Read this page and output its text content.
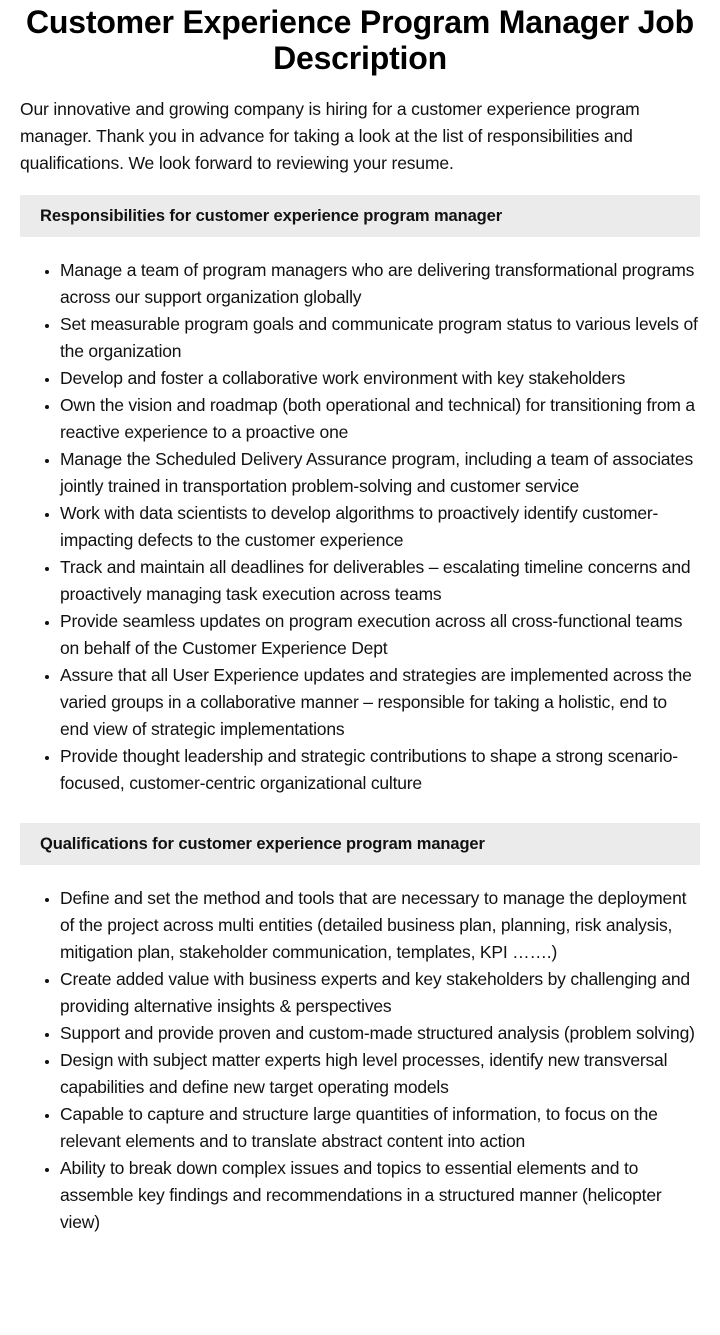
Customer Experience Program Manager Job Description

Our innovative and growing company is hiring for a customer experience program manager. Thank you in advance for taking a look at the list of responsibilities and qualifications. We look forward to reviewing your resume.

Responsibilities for customer experience program manager
• Manage a team of program managers who are delivering transformational programs across our support organization globally
• Set measurable program goals and communicate program status to various levels of the organization
• Develop and foster a collaborative work environment with key stakeholders
• Own the vision and roadmap (both operational and technical) for transitioning from a reactive experience to a proactive one
• Manage the Scheduled Delivery Assurance program, including a team of associates jointly trained in transportation problem-solving and customer service
• Work with data scientists to develop algorithms to proactively identify customer-impacting defects to the customer experience
• Track and maintain all deadlines for deliverables – escalating timeline concerns and proactively managing task execution across teams
• Provide seamless updates on program execution across all cross-functional teams on behalf of the Customer Experience Dept
• Assure that all User Experience updates and strategies are implemented across the varied groups in a collaborative manner – responsible for taking a holistic, end to end view of strategic implementations
• Provide thought leadership and strategic contributions to shape a strong scenario-focused, customer-centric organizational culture
Qualifications for customer experience program manager
• Define and set the method and tools that are necessary to manage the deployment of the project across multi entities (detailed business plan, planning, risk analysis, mitigation plan, stakeholder communication, templates, KPI …….)
• Create added value with business experts and key stakeholders by challenging and providing alternative insights & perspectives
• Support and provide proven and custom-made structured analysis (problem solving)
• Design with subject matter experts high level processes, identify new transversal capabilities and define new target operating models
• Capable to capture and structure large quantities of information, to focus on the relevant elements and to translate abstract content into action
• Ability to break down complex issues and topics to essential elements and to assemble key findings and recommendations in a structured manner (helicopter view)
